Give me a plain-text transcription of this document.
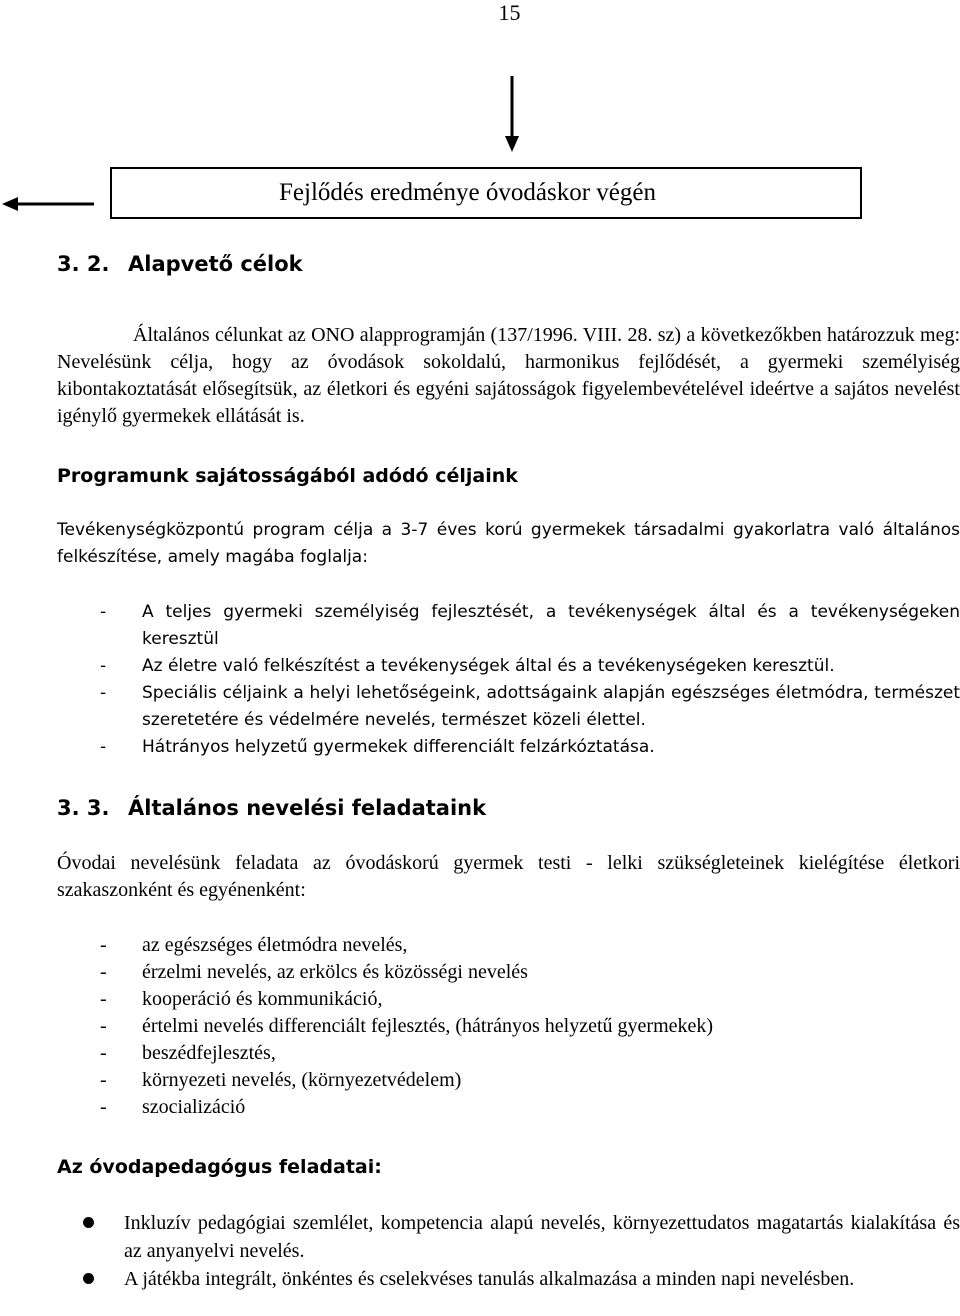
15
Fejlődés eredménye óvodáskor végén
3. 2. Alapvető célok
Általános célunkat az ONO alapprogramján (137/1996. VIII. 28. sz) a következőkben határozzuk meg: Nevelésünk célja, hogy az óvodások sokoldalú, harmonikus fejlődését, a gyermeki személyiség kibontakoztatását elősegítsük, az életkori és egyéni sajátosságok figyelembevételével ideértve a sajátos nevelést igénylő gyermekek ellátását is.
Programunk sajátosságából adódó céljaink
Tevékenységközpontú program célja a 3-7 éves korú gyermekek társadalmi gyakorlatra való általános felkészítése, amely magába foglalja:
- A teljes gyermeki személyiség fejlesztését, a tevékenységek által és a tevékenységeken keresztül
- Az életre való felkészítést a tevékenységek által és a tevékenységeken keresztül.
- Speciális céljaink a helyi lehetőségeink, adottságaink alapján egészséges életmódra, természet szeretetére és védelmére nevelés, természet közeli élettel.
- Hátrányos helyzetű gyermekek differenciált felzárkóztatása.
3. 3. Általános nevelési feladataink
Óvodai nevelésünk feladata az óvodáskorú gyermek testi - lelki szükségleteinek kielégítése életkori szakaszonként és egyénenként:
- az egészséges életmódra nevelés,
- érzelmi nevelés, az erkölcs és közösségi nevelés
- kooperáció és kommunikáció,
- értelmi nevelés differenciált fejlesztés, (hátrányos helyzetű gyermekek)
- beszédfejlesztés,
- környezeti nevelés, (környezetvédelem)
- szocializáció
Az óvodapedagógus feladatai:
Inkluzív pedagógiai szemlélet, kompetencia alapú nevelés, környezettudatos magatartás kialakítása és az anyanyelvi nevelés.
A játékba integrált, önkéntes és cselekvéses tanulás alkalmazása a minden napi nevelésben.
